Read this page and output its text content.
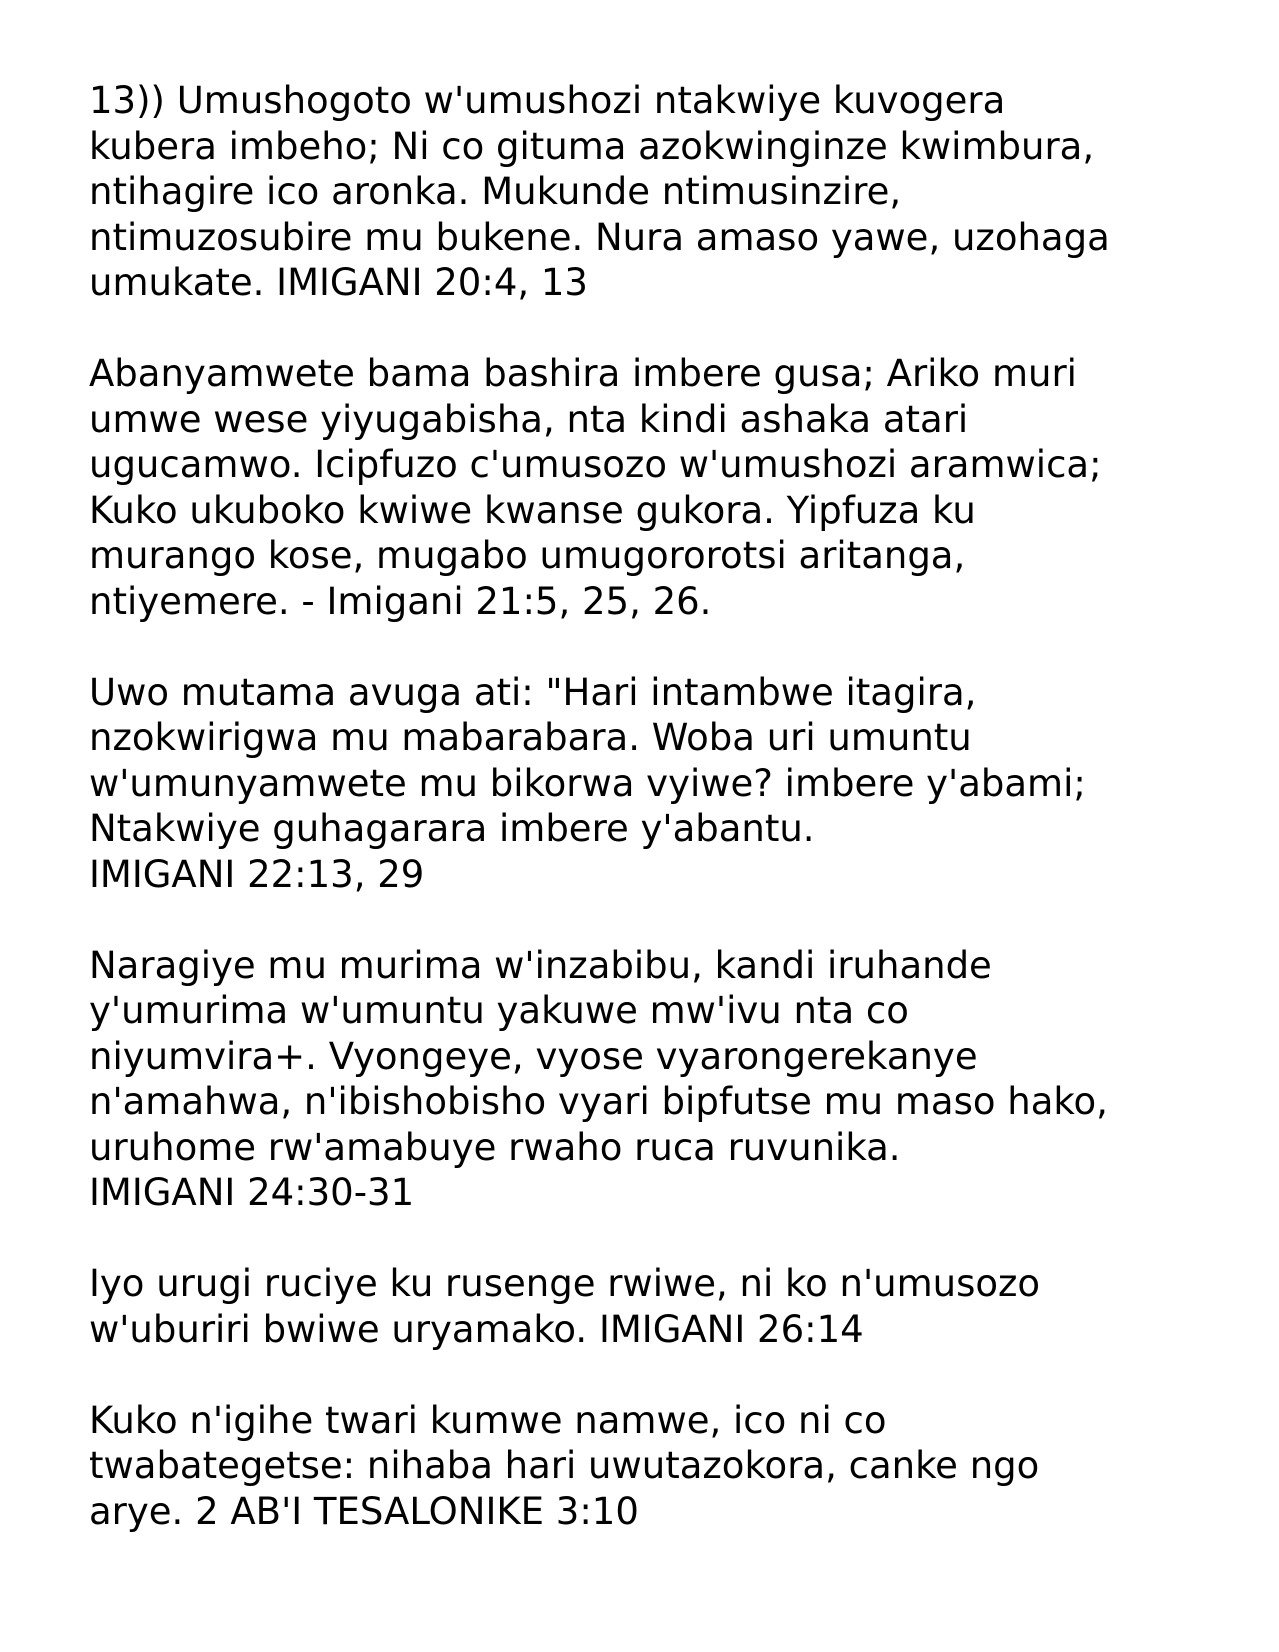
13)) Umushogoto w'umushozi ntakwiye kuvogera
kubera imbeho; Ni co gituma azokwinginze kwimbura,
ntihagire ico aronka. Mukunde ntimusinzire,
ntimuzosubire mu bukene. Nura amaso yawe, uzohaga
umukate. IMIGANI 20:4, 13
Abanyamwete bama bashira imbere gusa; Ariko muri
umwe wese yiyugabisha, nta kindi ashaka atari
ugucamwo. Icipfuzo c'umusozo w'umushozi aramwica;
Kuko ukuboko kwiwe kwanse gukora. Yipfuza ku
murango kose, mugabo umugororotsi aritanga,
ntiyemere. - Imigani 21:5, 25, 26.
Uwo mutama avuga ati: "Hari intambwe itagira,
nzokwirigwa mu mabarabara. Woba uri umuntu
w'umunyamwete mu bikorwa vyiwe? imbere y'abami;
Ntakwiye guhagarara imbere y'abantu.
IMIGANI 22:13, 29
Naragiye mu murima w'inzabibu, kandi iruhande
y'umurima w'umuntu yakuwe mw'ivu nta co
niyumvira+. Vyongeye, vyose vyarongerekanye
n'amahwa, n'ibishobisho vyari bipfutse mu maso hako,
uruhome rw'amabuye rwaho ruca ruvunika.
IMIGANI 24:30-31
Iyo urugi ruciye ku rusenge rwiwe, ni ko n'umusozo
w'uburiri bwiwe uryamako. IMIGANI 26:14
Kuko n'igihe twari kumwe namwe, ico ni co
twabategetse: nihaba hari uwutazokora, canke ngo
arye. 2 AB'I TESALONIKE 3:10
